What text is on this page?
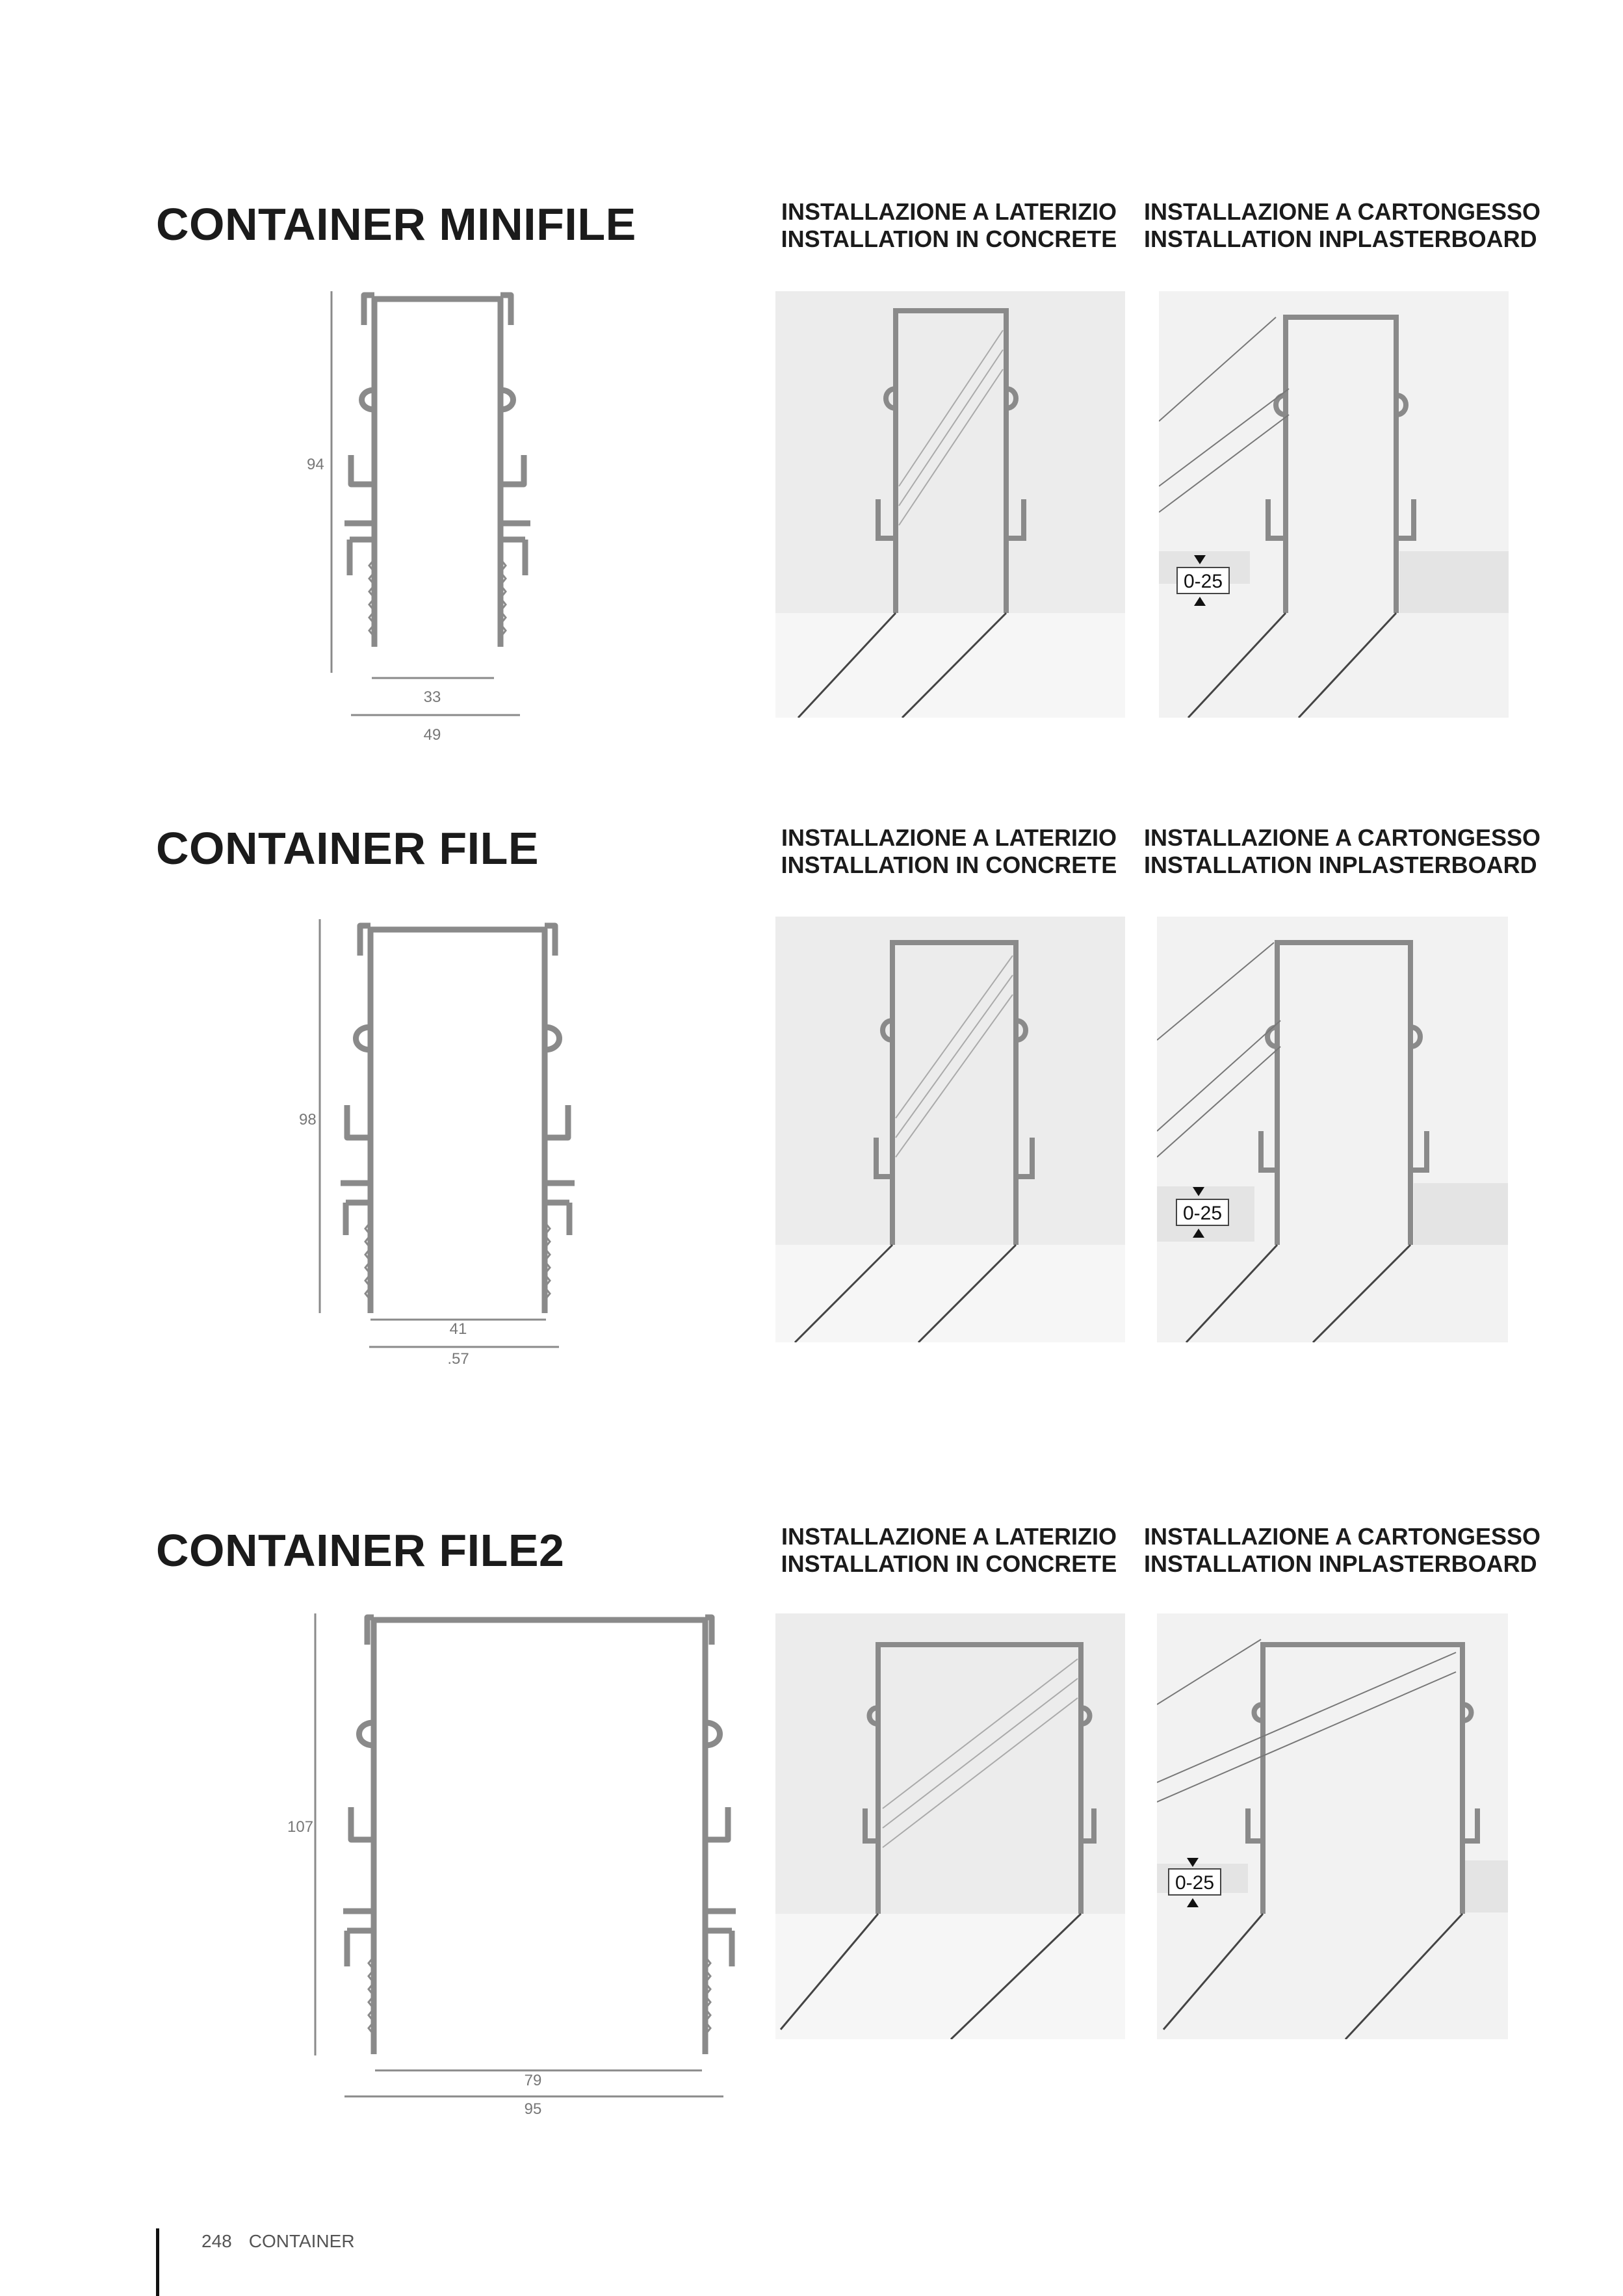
CONTAINER MINIFILE	INSTALLAZIONE A LATERIZIO
INSTALLATION IN CONCRETE
INSTALLAZIONE A CARTONGESSO
INSTALLATION INPLASTERBOARD
94
33
49
0-25
CONTAINER FILE	INSTALLAZIONE A LATERIZIO
INSTALLATION IN CONCRETE
INSTALLAZIONE A CARTONGESSO
INSTALLATION INPLASTERBOARD
98
41
.57
0-25
CONTAINER FILE2	INSTALLAZIONE A LATERIZIO
INSTALLATION IN CONCRETE
INSTALLAZIONE A CARTONGESSO
INSTALLATION INPLASTERBOARD
107
79
95
0-25
248 CONTAINER
